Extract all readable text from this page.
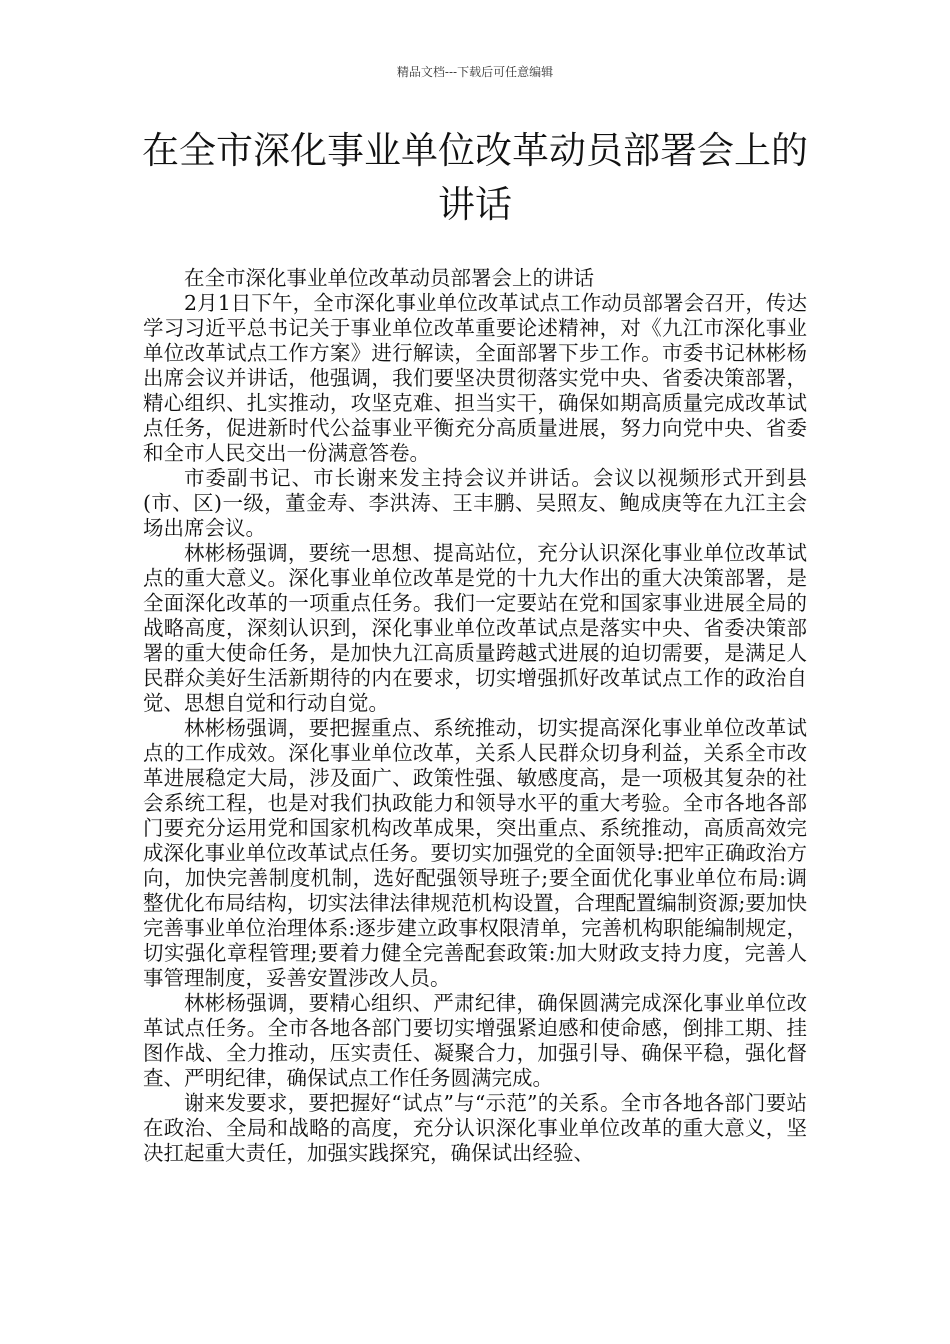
精品文档---下载后可任意编辑
在全市深化事业单位改革动员部署会上的
讲话

在全市深化事业单位改革动员部署会上的讲话

2月1日下午，全市深化事业单位改革试点工作动员部署会召开，传达学习习近平总书记关于事业单位改革重要论述精神，对《九江市深化事业单位改革试点工作方案》进行解读，全面部署下步工作。市委书记林彬杨出席会议并讲话，他强调，我们要坚决贯彻落实党中央、省委决策部署，精心组织、扎实推动，攻坚克难、担当实干，确保如期高质量完成改革试点任务，促进新时代公益事业平衡充分高质量进展，努力向党中央、省委和全市人民交出一份满意答卷。

市委副书记、市长谢来发主持会议并讲话。会议以视频形式开到县(市、区)一级，董金寿、李洪涛、王丰鹏、吴照友、鲍成庚等在九江主会场出席会议。

林彬杨强调，要统一思想、提高站位，充分认识深化事业单位改革试点的重大意义。深化事业单位改革是党的十九大作出的重大决策部署，是全面深化改革的一项重点任务。我们一定要站在党和国家事业进展全局的战略高度，深刻认识到，深化事业单位改革试点是落实中央、省委决策部署的重大使命任务，是加快九江高质量跨越式进展的迫切需要，是满足人民群众美好生活新期待的内在要求，切实增强抓好改革试点工作的政治自觉、思想自觉和行动自觉。

林彬杨强调，要把握重点、系统推动，切实提高深化事业单位改革试点的工作成效。深化事业单位改革，关系人民群众切身利益，关系全市改革进展稳定大局，涉及面广、政策性强、敏感度高，是一项极其复杂的社会系统工程，也是对我们执政能力和领导水平的重大考验。全市各地各部门要充分运用党和国家机构改革成果，突出重点、系统推动，高质高效完成深化事业单位改革试点任务。要切实加强党的全面领导:把牢正确政治方向，加快完善制度机制，选好配强领导班子;要全面优化事业单位布局:调整优化布局结构，切实法律法律规范机构设置，合理配置编制资源;要加快完善事业单位治理体系:逐步建立政事权限清单，完善机构职能编制规定，切实强化章程管理;要着力健全完善配套政策:加大财政支持力度，完善人事管理制度，妥善安置涉改人员。

林彬杨强调，要精心组织、严肃纪律，确保圆满完成深化事业单位改革试点任务。全市各地各部门要切实增强紧迫感和使命感，倒排工期、挂图作战、全力推动，压实责任、凝聚合力，加强引导、确保平稳，强化督查、严明纪律，确保试点工作任务圆满完成。

谢来发要求，要把握好“试点”与“示范”的关系。全市各地各部门要站在政治、全局和战略的高度，充分认识深化事业单位改革的重大意义，坚决扛起重大责任，加强实践探究，确保试出经验、
